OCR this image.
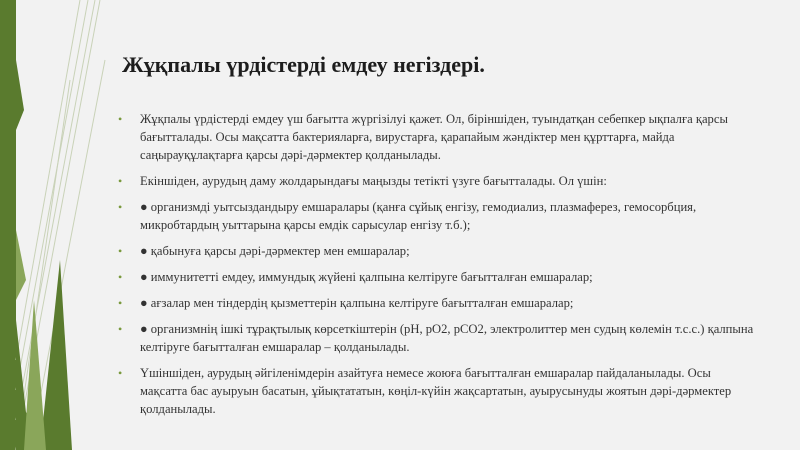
Жұқпалы үрдістерді емдеу негіздері.
• Жұқпалы үрдістерді емдеу үш бағытта жүргізілуі қажет. Ол, біріншіден, туындатқан себепкер ықпалға қарсы бағытталады. Осы мақсатта бактерияларға, вирустарға, қарапайым жәндіктер мен құрттарға, майда саңырауқұлақтарға қарсы дәрі-дәрмектер қолданылады.
• Екіншіден, аурудың даму жолдарындағы маңызды тетікті үзуге бағытталады. Ол үшін:
• ● организмді уытсыздандыру емшаралары (қанға сұйық енгізу, гемодиализ, плазмаферез, гемосорбция, микробтардың уыттарына қарсы емдік сарысулар енгізу т.б.);
• ● қабынуға қарсы дәрі-дәрмектер мен емшаралар;
• ● иммунитетті емдеу, иммундық жүйені қалпына келтіруге бағытталған емшаралар;
• ● ағзалар мен тіндердің қызметтерін қалпына келтіруге бағытталған емшаралар;
• ● организмнің ішкі тұрақтылық көрсеткіштерін (рН, рО2, рСО2, электролиттер мен судың көлемін т.с.с.) қалпына келтіруге бағытталған емшаралар – қолданылады.
• Үшіншіден, аурудың әйгіленімдерін азайтуға немесе жоюға бағытталған емшаралар пайдаланылады. Осы мақсатта бас ауыруын басатын, ұйықтататын, көңіл-күйін жақсартатын, ауырусынуды жоятын дәрі-дәрмектер қолданылады.
